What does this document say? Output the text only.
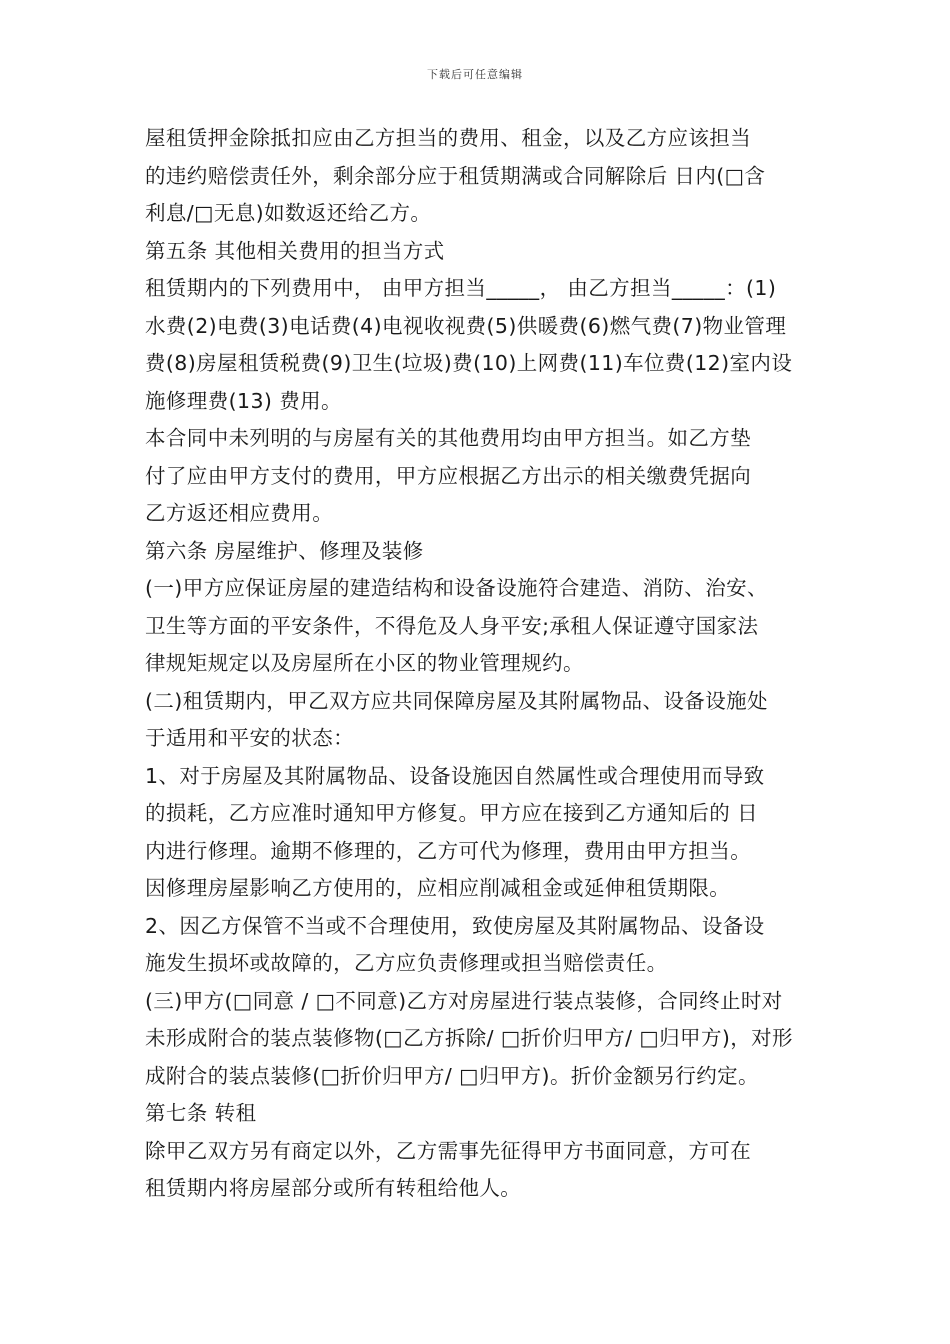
下载后可任意编辑
屋租赁押金除抵扣应由乙方担当的费用、租金，以及乙方应该担当
的违约赔偿责任外，剩余部分应于租赁期满或合同解除后 日内(□含
利息/□无息)如数返还给乙方。
第五条 其他相关费用的担当方式
租赁期内的下列费用中， 由甲方担当_____， 由乙方担当_____：(1)
水费(2)电费(3)电话费(4)电视收视费(5)供暖费(6)燃气费(7)物业管理
费(8)房屋租赁税费(9)卫生(垃圾)费(10)上网费(11)车位费(12)室内设
施修理费(13) 费用。
本合同中未列明的与房屋有关的其他费用均由甲方担当。如乙方垫
付了应由甲方支付的费用，甲方应根据乙方出示的相关缴费凭据向
乙方返还相应费用。
第六条 房屋维护、修理及装修
(一)甲方应保证房屋的建造结构和设备设施符合建造、消防、治安、
卫生等方面的平安条件，不得危及人身平安;承租人保证遵守国家法
律规矩规定以及房屋所在小区的物业管理规约。
(二)租赁期内，甲乙双方应共同保障房屋及其附属物品、设备设施处
于适用和平安的状态：
1、对于房屋及其附属物品、设备设施因自然属性或合理使用而导致
的损耗，乙方应准时通知甲方修复。甲方应在接到乙方通知后的 日
内进行修理。逾期不修理的，乙方可代为修理，费用由甲方担当。
因修理房屋影响乙方使用的，应相应削减租金或延伸租赁期限。
2、因乙方保管不当或不合理使用，致使房屋及其附属物品、设备设
施发生损坏或故障的，乙方应负责修理或担当赔偿责任。
(三)甲方(□同意 / □不同意)乙方对房屋进行装点装修，合同终止时对
未形成附合的装点装修物(□乙方拆除/ □折价归甲方/ □归甲方)，对形
成附合的装点装修(□折价归甲方/ □归甲方)。折价金额另行约定。
第七条 转租
除甲乙双方另有商定以外，乙方需事先征得甲方书面同意，方可在
租赁期内将房屋部分或所有转租给他人。
